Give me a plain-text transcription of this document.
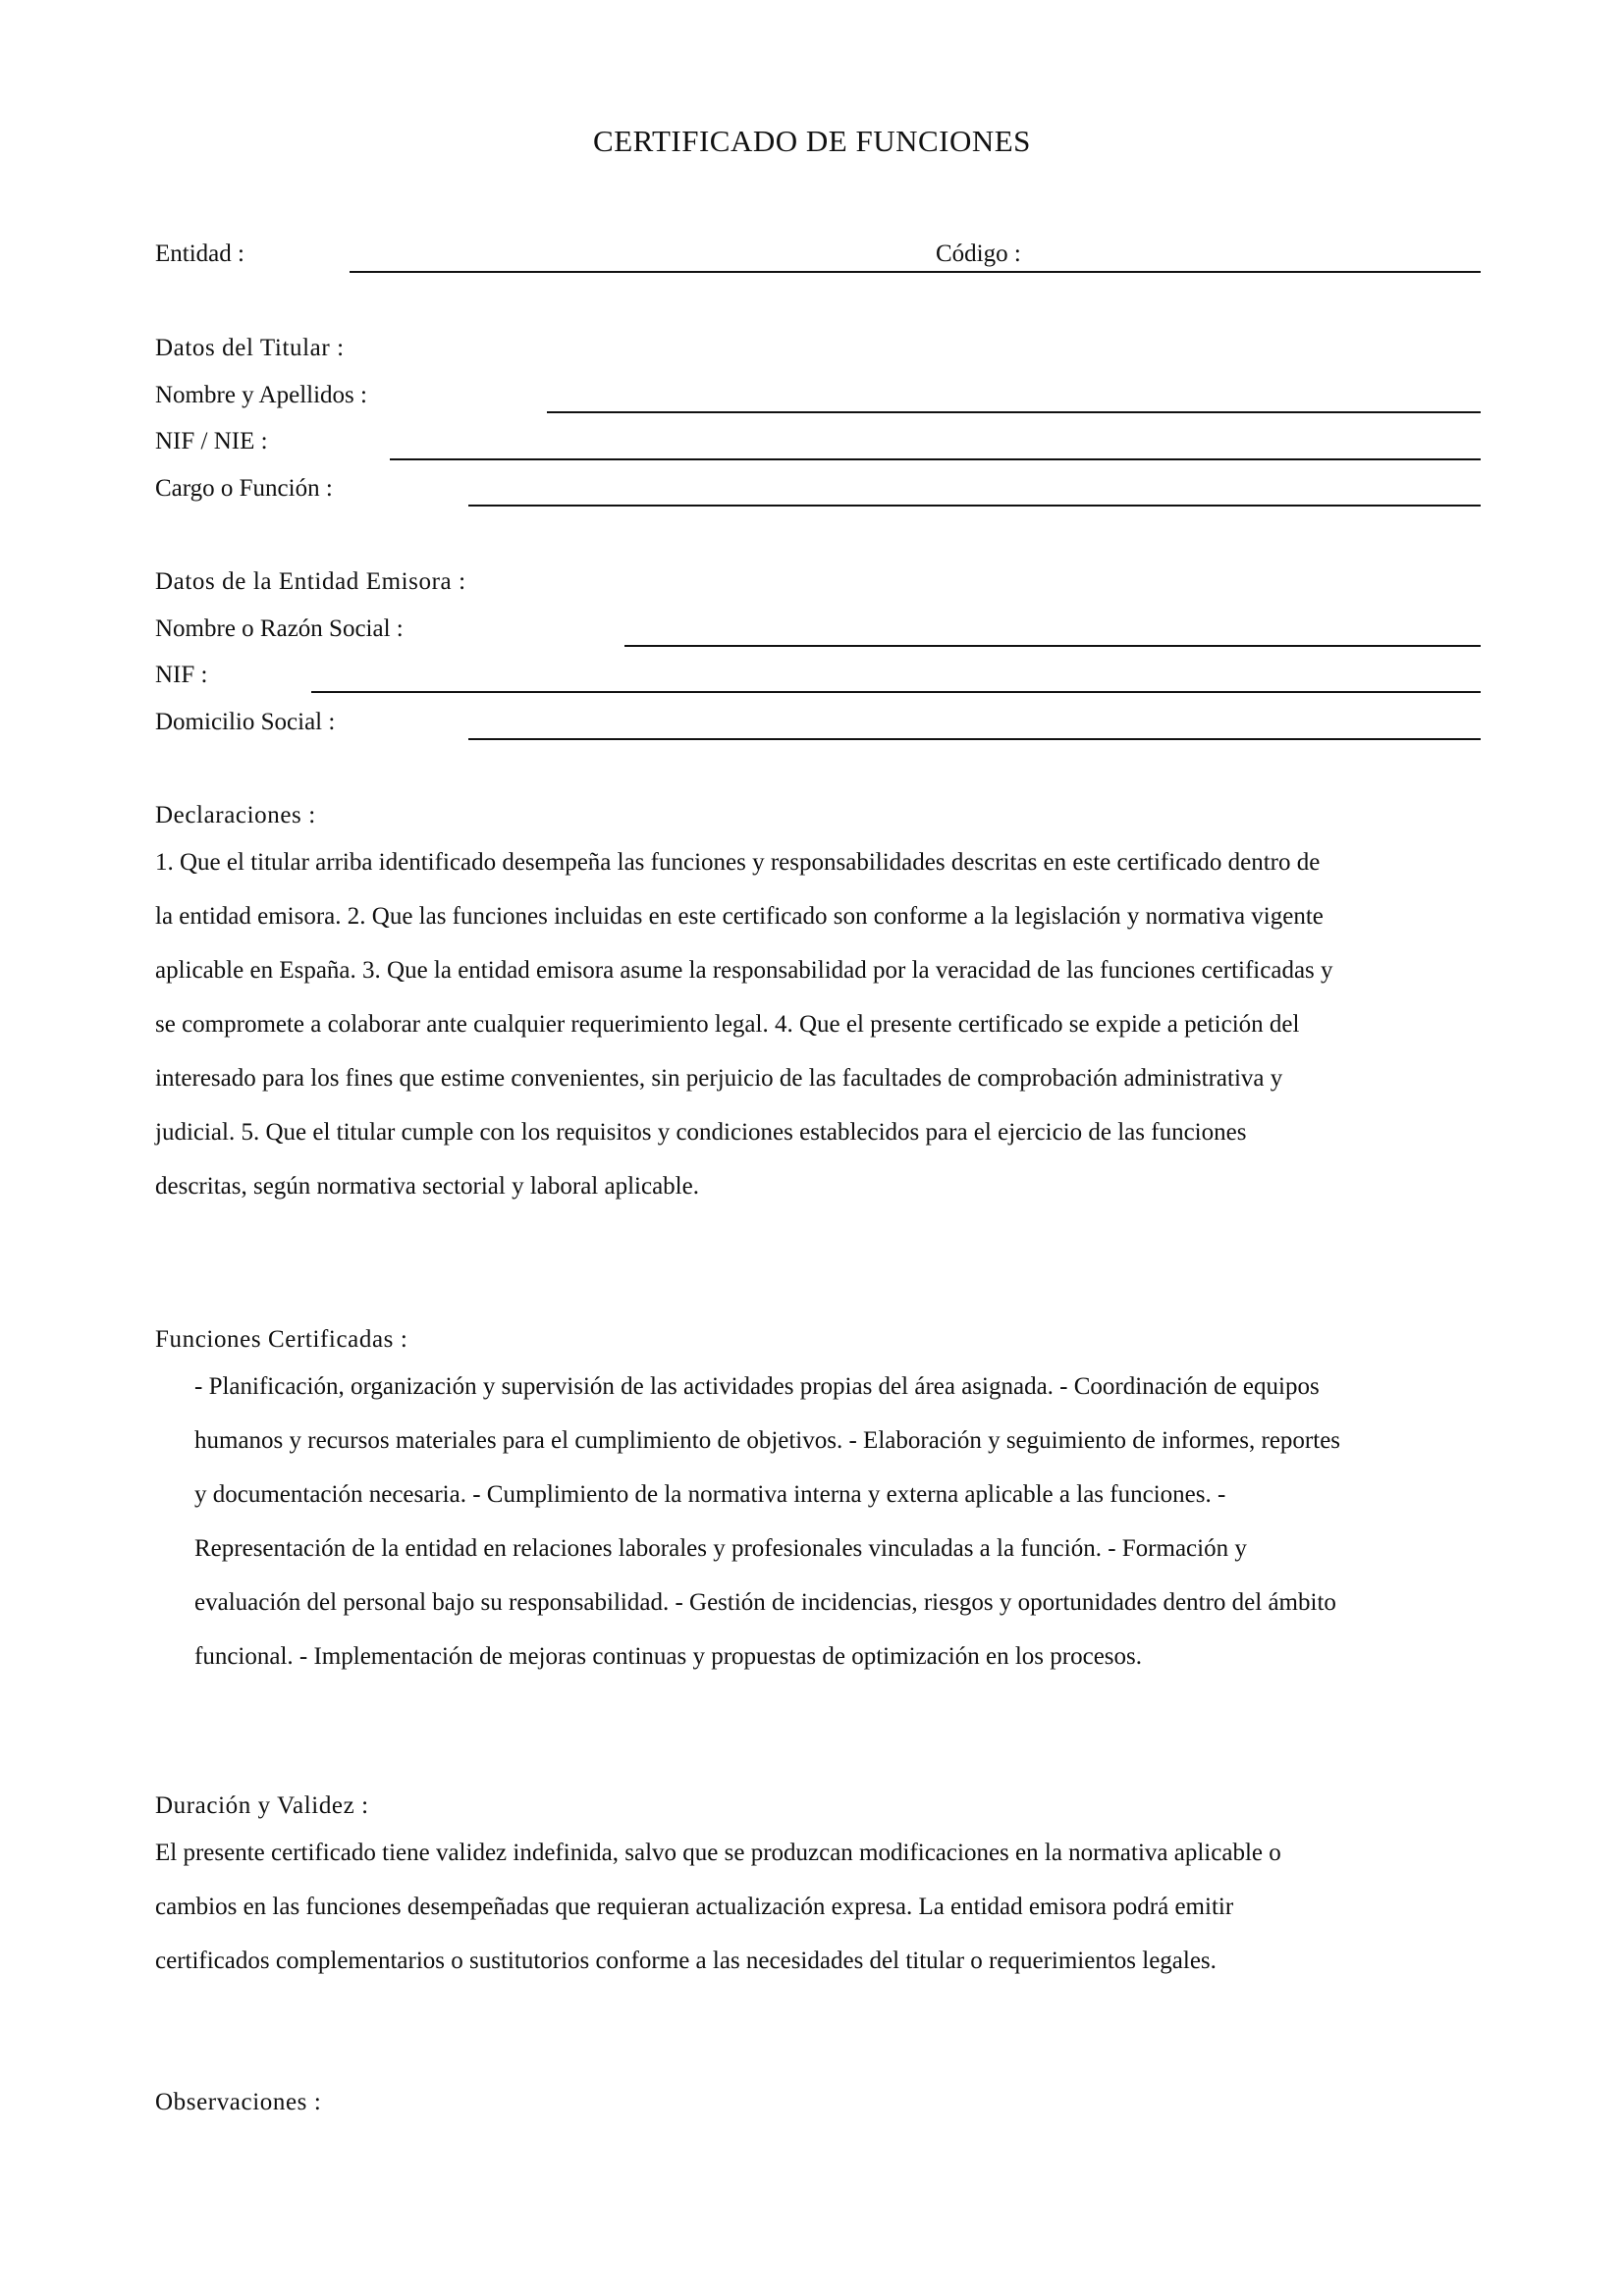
CERTIFICADO DE FUNCIONES
Entidad :	Código :
Datos del Titular :
Nombre y Apellidos :
NIF / NIE :
Cargo o Función :
Datos de la Entidad Emisora :
Nombre o Razón Social :
NIF :
Domicilio Social :
Declaraciones :
1. Que el titular arriba identificado desempeña las funciones y responsabilidades descritas en este certificado dentro de
la entidad emisora. 2. Que las funciones incluidas en este certificado son conforme a la legislación y normativa vigente
aplicable en España. 3. Que la entidad emisora asume la responsabilidad por la veracidad de las funciones certificadas y
se compromete a colaborar ante cualquier requerimiento legal. 4. Que el presente certificado se expide a petición del
interesado para los fines que estime convenientes, sin perjuicio de las facultades de comprobación administrativa y
judicial. 5. Que el titular cumple con los requisitos y condiciones establecidos para el ejercicio de las funciones
descritas, según normativa sectorial y laboral aplicable.
Funciones Certificadas :
- Planificación, organización y supervisión de las actividades propias del área asignada. - Coordinación de equipos
humanos y recursos materiales para el cumplimiento de objetivos. - Elaboración y seguimiento de informes, reportes
y documentación necesaria. - Cumplimiento de la normativa interna y externa aplicable a las funciones. -
Representación de la entidad en relaciones laborales y profesionales vinculadas a la función. - Formación y
evaluación del personal bajo su responsabilidad. - Gestión de incidencias, riesgos y oportunidades dentro del ámbito
funcional. - Implementación de mejoras continuas y propuestas de optimización en los procesos.
Duración y Validez :
El presente certificado tiene validez indefinida, salvo que se produzcan modificaciones en la normativa aplicable o
cambios en las funciones desempeñadas que requieran actualización expresa. La entidad emisora podrá emitir
certificados complementarios o sustitutorios conforme a las necesidades del titular o requerimientos legales.
Observaciones :
